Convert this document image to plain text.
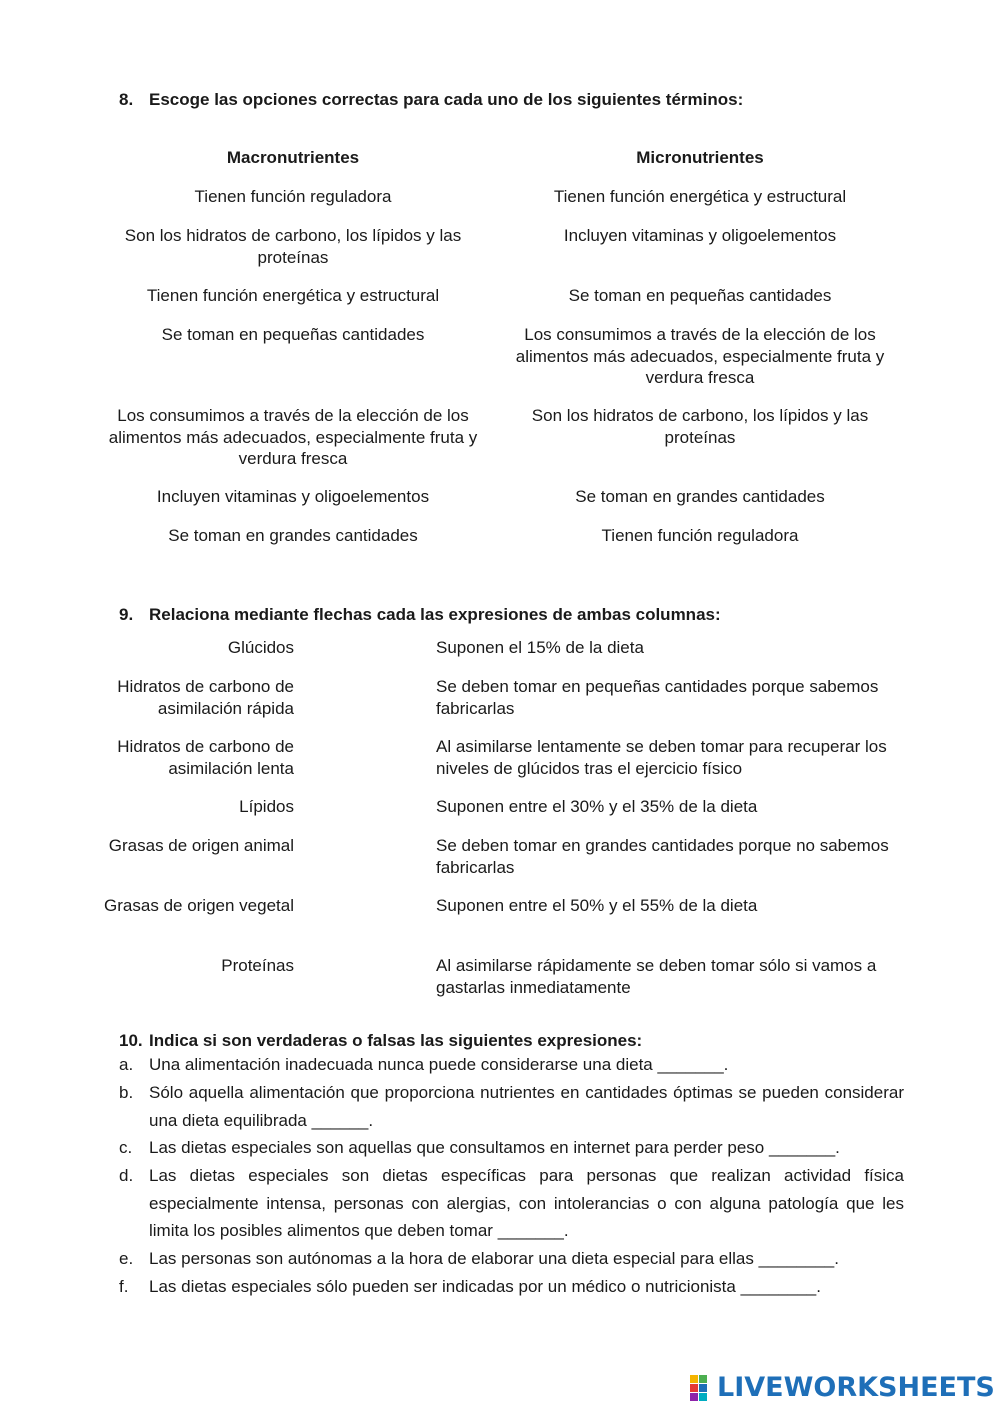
8. Escoge las opciones correctas para cada uno de los siguientes términos:
Macronutrientes	Micronutrientes
Tienen función reguladora
Son los hidratos de carbono, los lípidos y las proteínas
Tienen función energética y estructural
Se toman en pequeñas cantidades
Los consumimos a través de la elección de los alimentos más adecuados, especialmente fruta y verdura fresca
Incluyen vitaminas y oligoelementos
Se toman en grandes cantidades
Tienen función energética y estructural
Incluyen vitaminas y oligoelementos
Se toman en pequeñas cantidades
Los consumimos a través de la elección de los alimentos más adecuados, especialmente fruta y verdura fresca
Son los hidratos de carbono, los lípidos y las proteínas
Se toman en grandes cantidades
Tienen función reguladora
9. Relaciona mediante flechas cada las expresiones de ambas columnas:
Glúcidos
Hidratos de carbono de asimilación rápida
Hidratos de carbono de asimilación lenta
Lípidos
Grasas de origen animal
Grasas de origen vegetal
Proteínas
Suponen el 15% de la dieta
Se deben tomar en pequeñas cantidades porque sabemos fabricarlas
Al asimilarse lentamente se deben tomar para recuperar los niveles de glúcidos tras el ejercicio físico
Suponen entre el 30% y el 35% de la dieta
Se deben tomar en grandes cantidades porque no sabemos fabricarlas
Suponen entre el 50% y el 55% de la dieta
Al asimilarse rápidamente se deben tomar sólo si vamos a gastarlas inmediatamente
10. Indica si son verdaderas o falsas las siguientes expresiones:
a. Una alimentación inadecuada nunca puede considerarse una dieta _______.
b. Sólo aquella alimentación que proporciona nutrientes en cantidades óptimas se pueden considerar una dieta equilibrada ______.
c. Las dietas especiales son aquellas que consultamos en internet para perder peso _______.
d. Las dietas especiales son dietas específicas para personas que realizan actividad física especialmente intensa, personas con alergias, con intolerancias o con alguna patología que les limita los posibles alimentos que deben tomar _______.
e. Las personas son autónomas a la hora de elaborar una dieta especial para ellas ________.
f. Las dietas especiales sólo pueden ser indicadas por un médico o nutricionista ________.
LIVEWORKSHEETS
